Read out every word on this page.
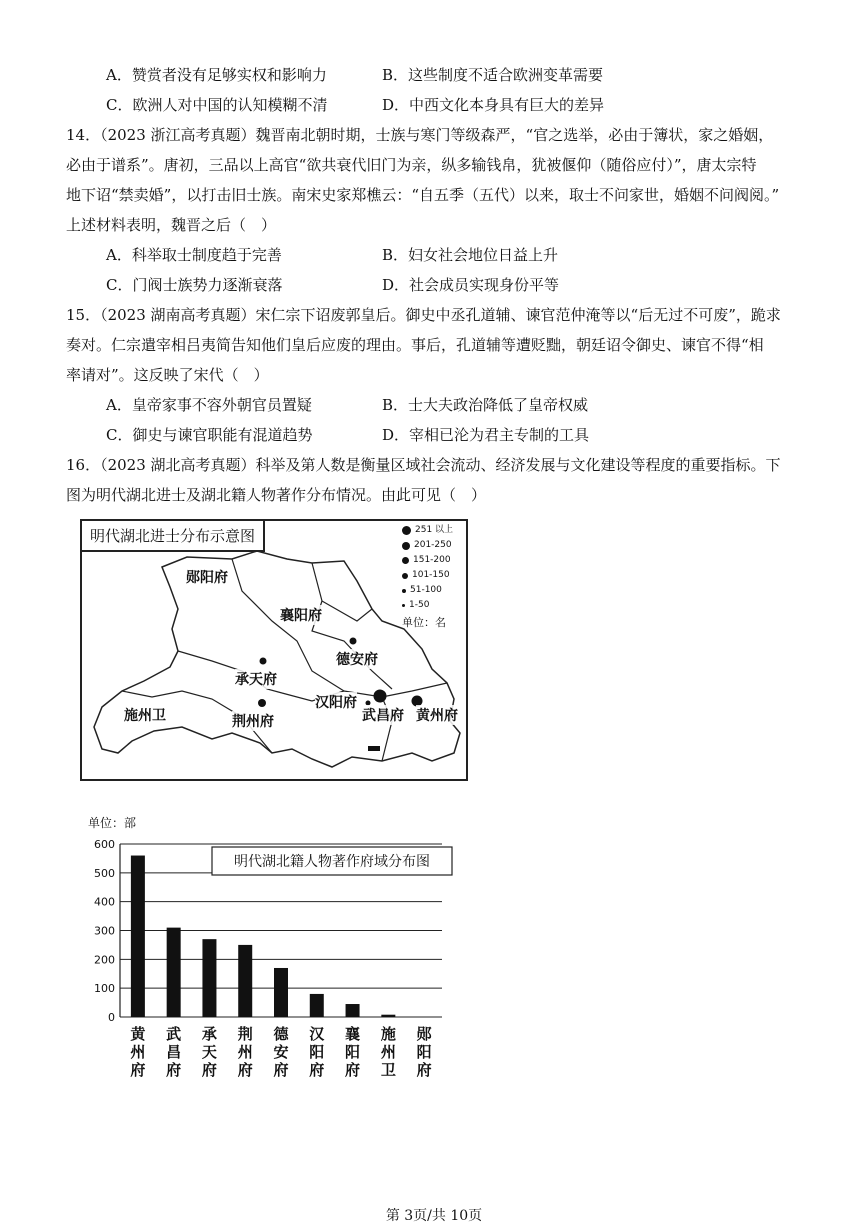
A．赞赏者没有足够实权和影响力	B．这些制度不适合欧洲变革需要
C．欧洲人对中国的认知模糊不清	D．中西文化本身具有巨大的差异
14．（2023 浙江高考真题）魏晋南北朝时期，士族与寒门等级森严，“官之选举，必由于簿状，家之婚姻，
必由于谱系”。唐初，三品以上高官“欲共衰代旧门为亲，纵多输钱帛，犹被偃仰（随俗应付）”，唐太宗特
地下诏“禁卖婚”，以打击旧士族。南宋史家郑樵云：“自五季（五代）以来，取士不问家世，婚姻不问阀阅。”
上述材料表明，魏晋之后（　）
A．科举取士制度趋于完善	B．妇女社会地位日益上升
C．门阀士族势力逐渐衰落	D．社会成员实现身份平等
15．（2023 湖南高考真题）宋仁宗下诏废郭皇后。御史中丞孔道辅、谏官范仲淹等以“后无过不可废”，跪求
奏对。仁宗遣宰相吕夷简告知他们皇后应废的理由。事后，孔道辅等遭贬黜，朝廷诏令御史、谏官不得“相
率请对”。这反映了宋代（　）
A．皇帝家事不容外朝官员置疑	B．士大夫政治降低了皇帝权威
C．御史与谏官职能有混道趋势	D．宰相已沦为君主专制的工具
16．（2023 湖北高考真题）科举及第人数是衡量区域社会流动、经济发展与文化建设等程度的重要指标。下
图为明代湖北进士及湖北籍人物著作分布情况。由此可见（　）
明代湖北进士分布示意图	251 以上
201-250
151-200
101-150
51-100
1-50
单位：名
郧阳府
襄阳府
德安府
承天府
汉阳府
武昌府 黄州府
施州卫	荆州府
单位：部
0
100
200
300
400
500
600
明代湖北籍人物著作府域分布图
黄
州
府
武
昌
府
承
天
府
荆
州
府
德
安
府
汉
阳
府
襄
阳
府
施
州
卫
郧
阳
府
第 3页/共 10页
